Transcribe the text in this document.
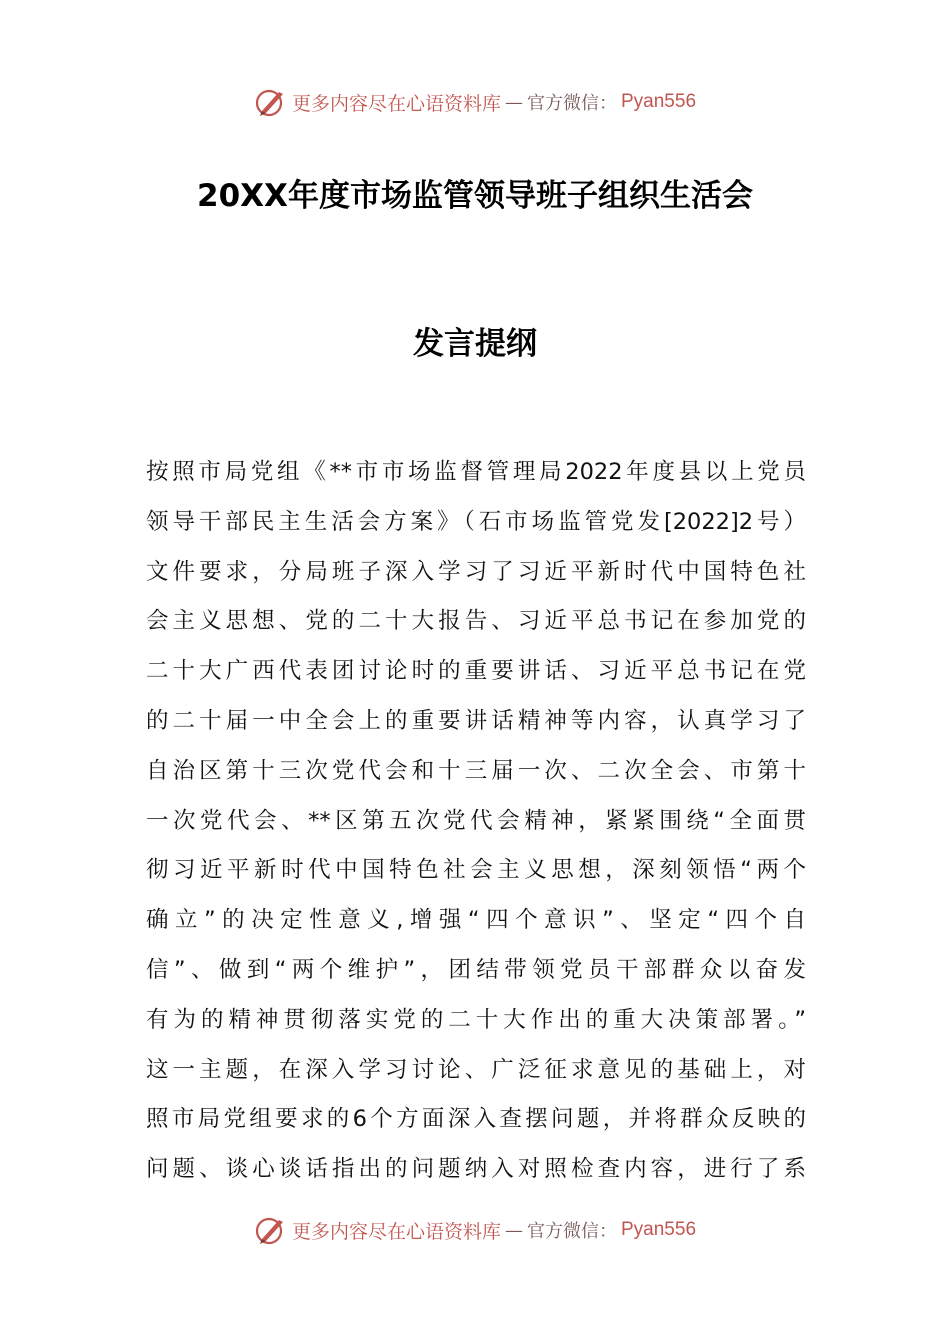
更多内容尽在心语资料库 — 官方微信： Pyan556
20XX年度市场监管领导班子组织生活会
发言提纲
按照市局党组《**市市场监督管理局2022年度县以上党员
领导干部民主生活会方案》（石市场监管党发[2022]2号）
文件要求，分局班子深入学习了习近平新时代中国特色社
会主义思想、党的二十大报告、习近平总书记在参加党的
二十大广西代表团讨论时的重要讲话、习近平总书记在党
的二十届一中全会上的重要讲话精神等内容，认真学习了
自治区第十三次党代会和十三届一次、二次全会、市第十
一次党代会、**区第五次党代会精神，紧紧围绕“全面贯
彻习近平新时代中国特色社会主义思想，深刻领悟“两个
确立”的决定性意义,增强“四个意识”、坚定“四个自
信”、做到“两个维护”，团结带领党员干部群众以奋发
有为的精神贯彻落实党的二十大作出的重大决策部署。”
这一主题，在深入学习讨论、广泛征求意见的基础上，对
照市局党组要求的6个方面深入查摆问题，并将群众反映的
问题、谈心谈话指出的问题纳入对照检查内容，进行了系
更多内容尽在心语资料库 — 官方微信： Pyan556
